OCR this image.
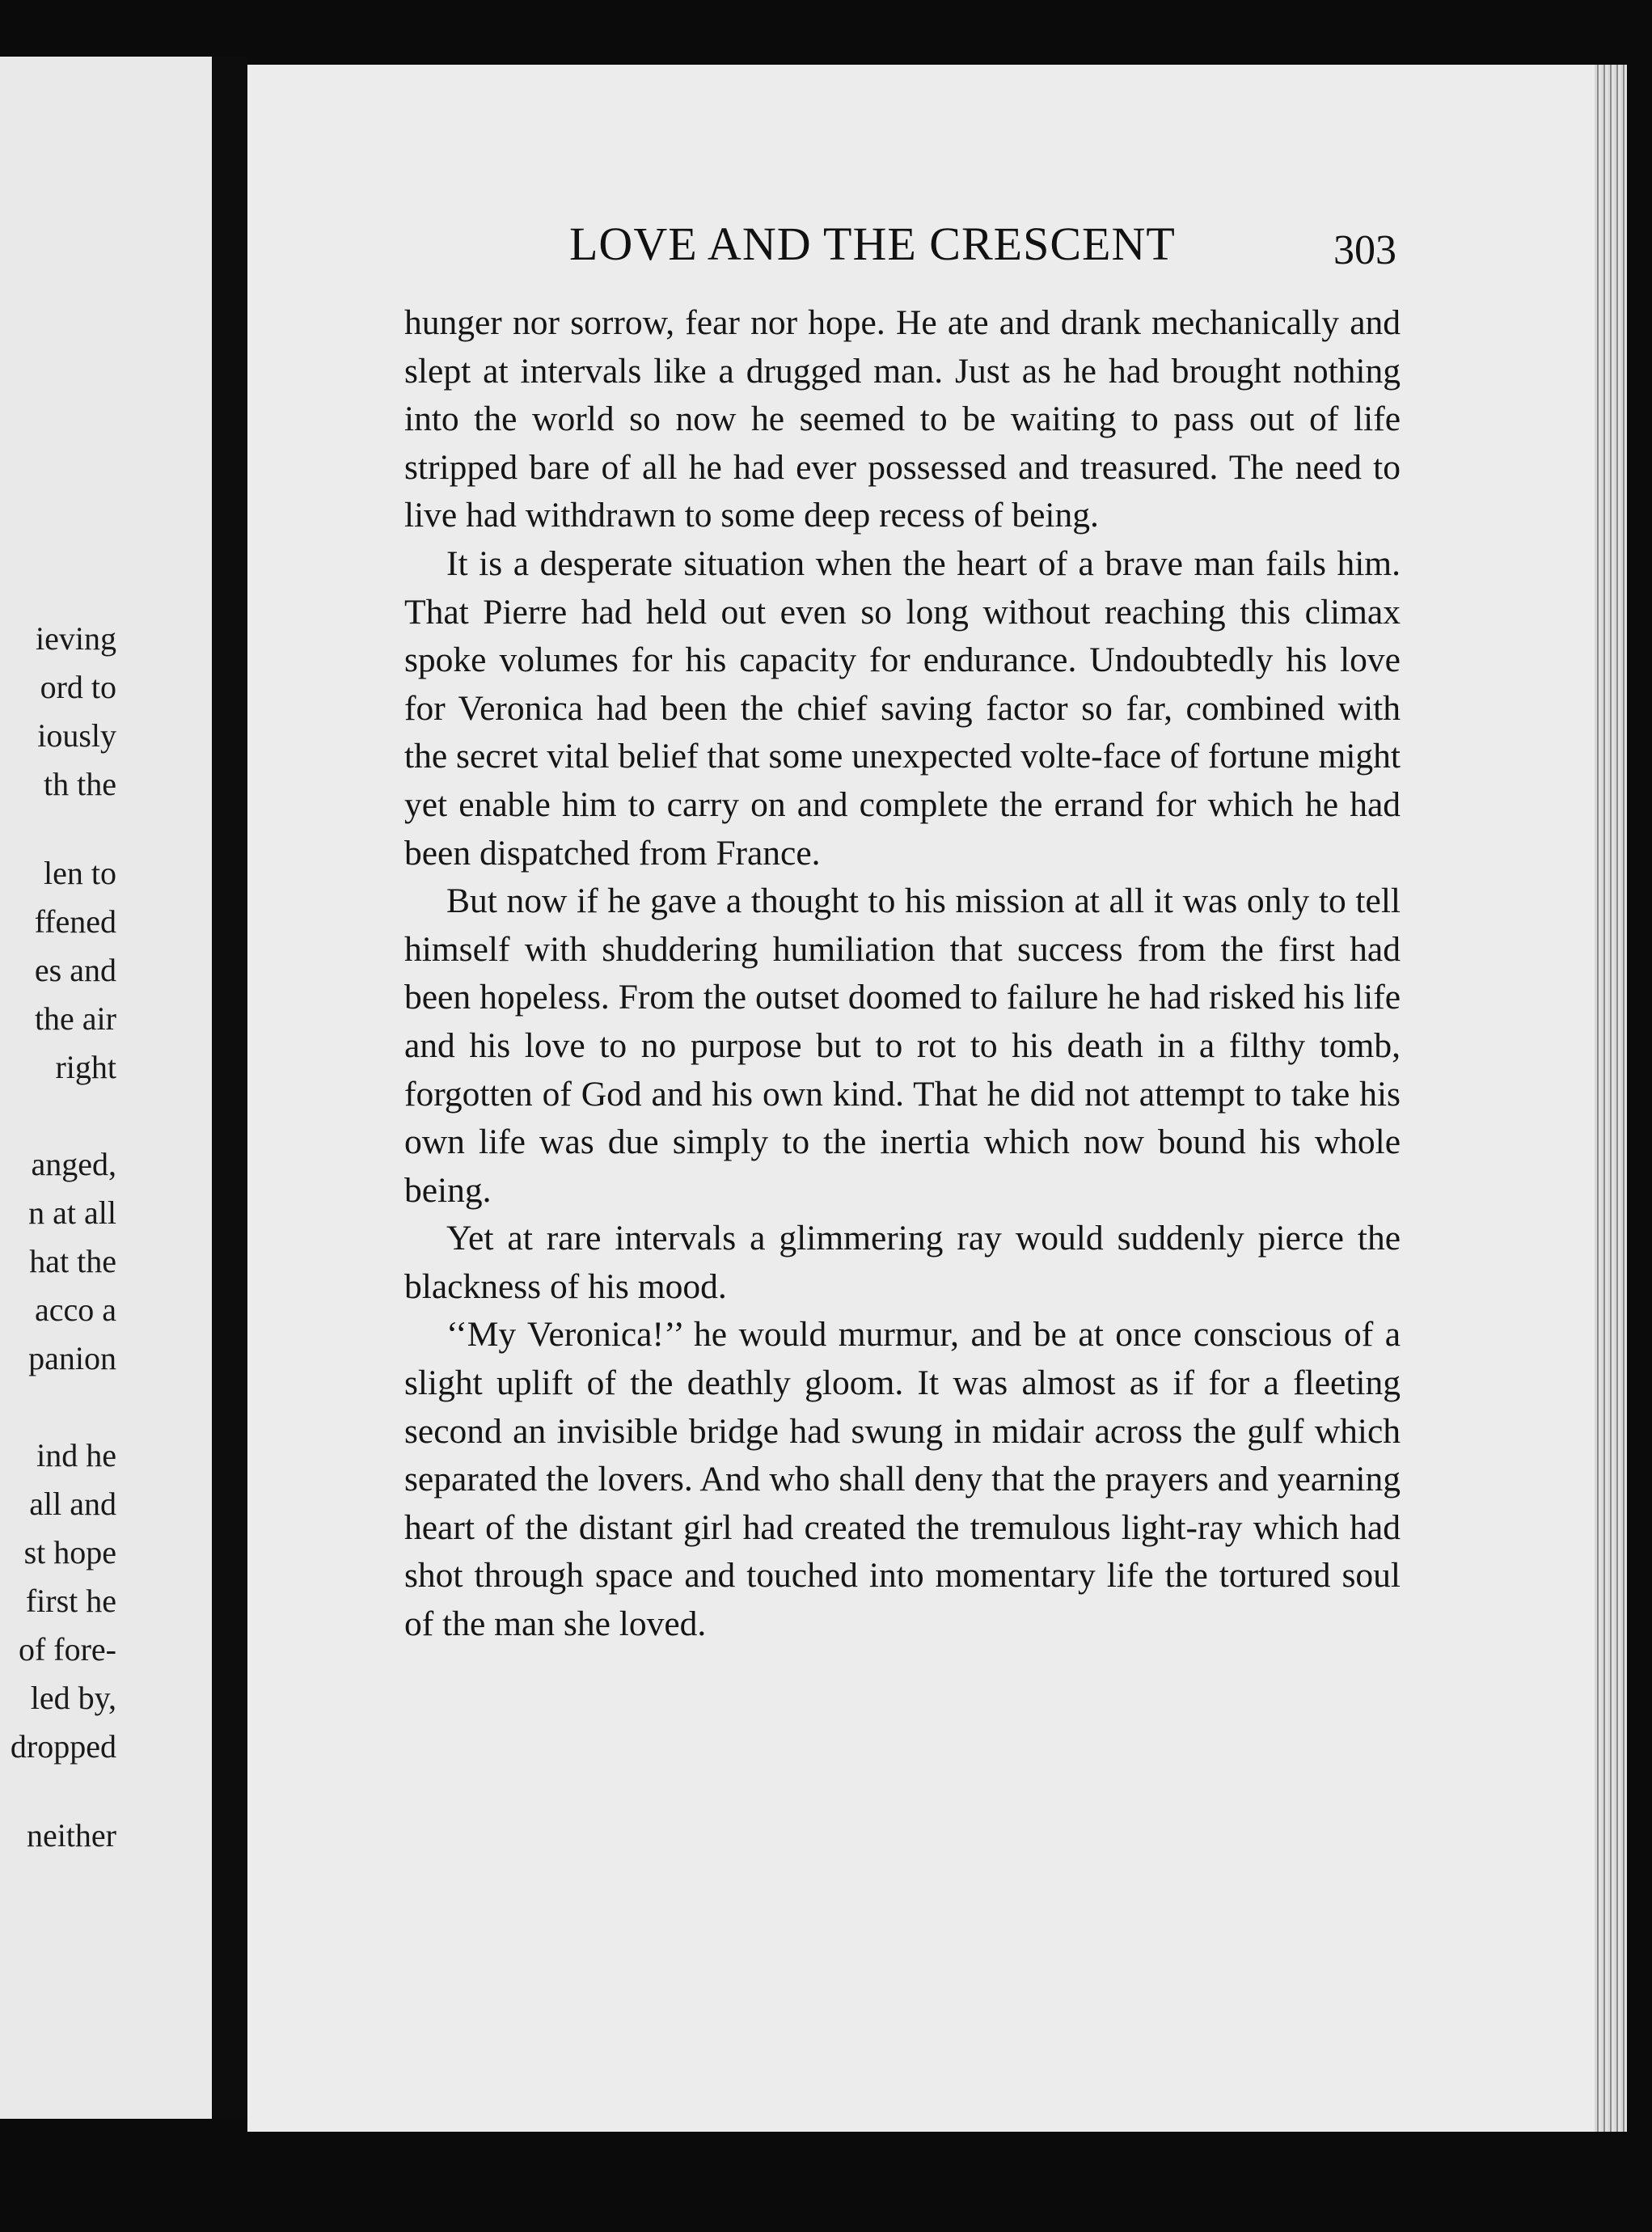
ieving
ord to
iously
th the
len to
ffened
es and
the air
right
anged,
n at all
hat the
acco a
panion
ind he
all and
st hope
first he
of fore-
led by,
dropped
neither
LOVE AND THE CRESCENT	303

hunger nor sorrow, fear nor hope. He ate and drank mechanically and slept at intervals like a drugged man. Just as he had brought nothing into the world so now he seemed to be waiting to pass out of life stripped bare of all he had ever possessed and treasured. The need to live had withdrawn to some deep recess of being.

It is a desperate situation when the heart of a brave man fails him. That Pierre had held out even so long without reaching this climax spoke volumes for his capacity for endurance. Undoubtedly his love for Veronica had been the chief saving factor so far, combined with the secret vital belief that some unexpected volte-face of fortune might yet enable him to carry on and complete the errand for which he had been dispatched from France.

But now if he gave a thought to his mission at all it was only to tell himself with shuddering humiliation that success from the first had been hopeless. From the outset doomed to failure he had risked his life and his love to no purpose but to rot to his death in a filthy tomb, forgotten of God and his own kind. That he did not attempt to take his own life was due simply to the inertia which now bound his whole being.

Yet at rare intervals a glimmering ray would suddenly pierce the blackness of his mood.

‘‘My Veronica!’’ he would murmur, and be at once conscious of a slight uplift of the deathly gloom. It was almost as if for a fleeting second an invisible bridge had swung in midair across the gulf which separated the lovers. And who shall deny that the prayers and yearning heart of the distant girl had created the tremulous light-ray which had shot through space and touched into momentary life the tortured soul of the man she loved.
